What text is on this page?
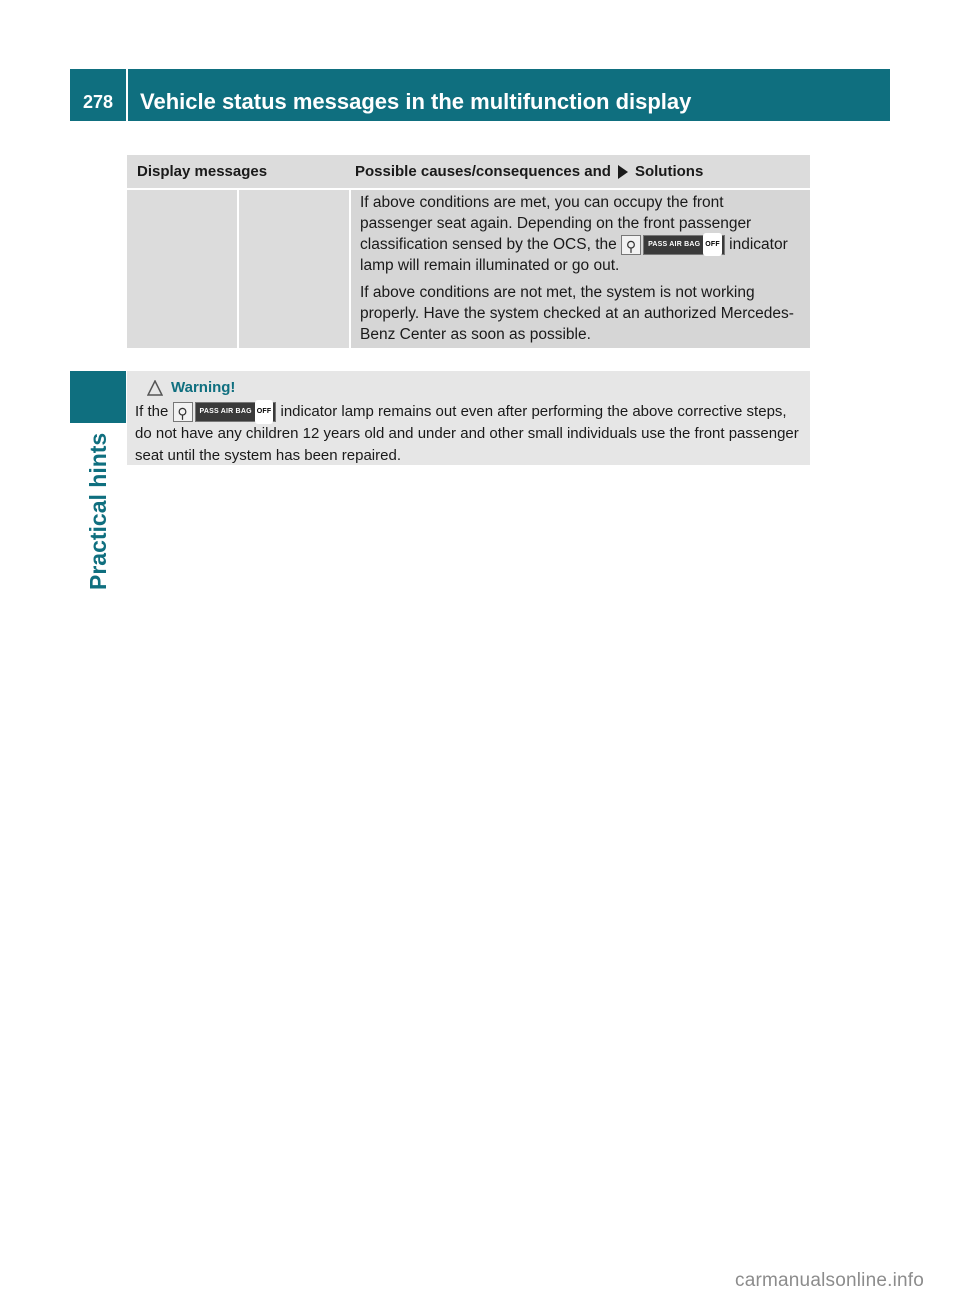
278	Vehicle status messages in the multifunction display
Practical hints
Display messages	Possible causes/consequences and Solutions

If above conditions are met, you can occupy the front passenger seat again. Depending on the front passenger classification sensed by the OCS, the ⚲	PASS AIR BAG OFF indicator lamp will remain illuminated or go out.

If above conditions are not met, the system is not working properly. Have the system checked at an authorized Mercedes-Benz Center as soon as possible.

Warning!
If the ⚲	PASS AIR BAG OFF indicator lamp remains out even after performing the above corrective steps, do not have any children 12 years old and under and other small individuals use the front passenger seat until the system has been repaired.
carmanualsonline.info
